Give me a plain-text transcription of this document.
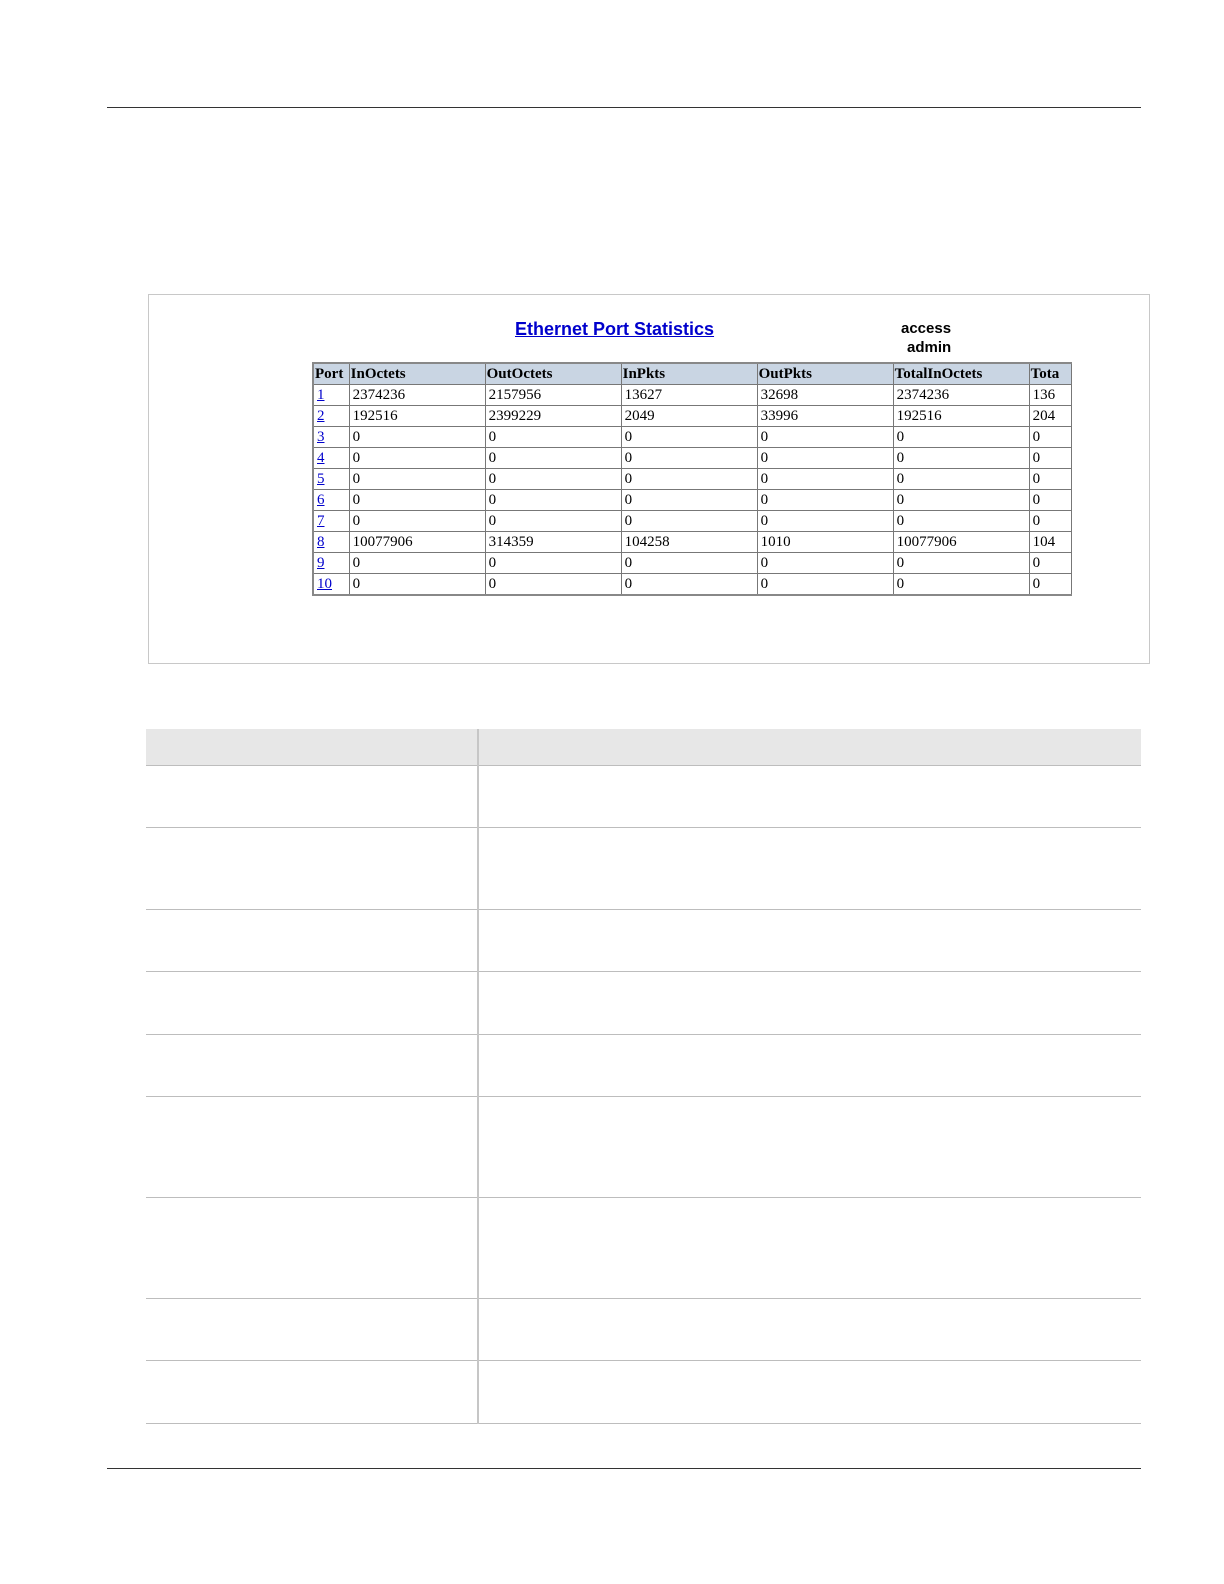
Ethernet Port Statistics	access
admin
Port	InOctets	OutOctets	InPkts	OutPkts	TotalInOctets	Tota
1	2374236	2157956	13627	32698	2374236	136
2	192516	2399229	2049	33996	192516	204
3	0	0	0	0	0	0
4	0	0	0	0	0	0
5	0	0	0	0	0	0
6	0	0	0	0	0	0
7	0	0	0	0	0	0
8	10077906	314359	104258	1010	10077906	104
9	0	0	0	0	0	0
10	0	0	0	0	0	0
